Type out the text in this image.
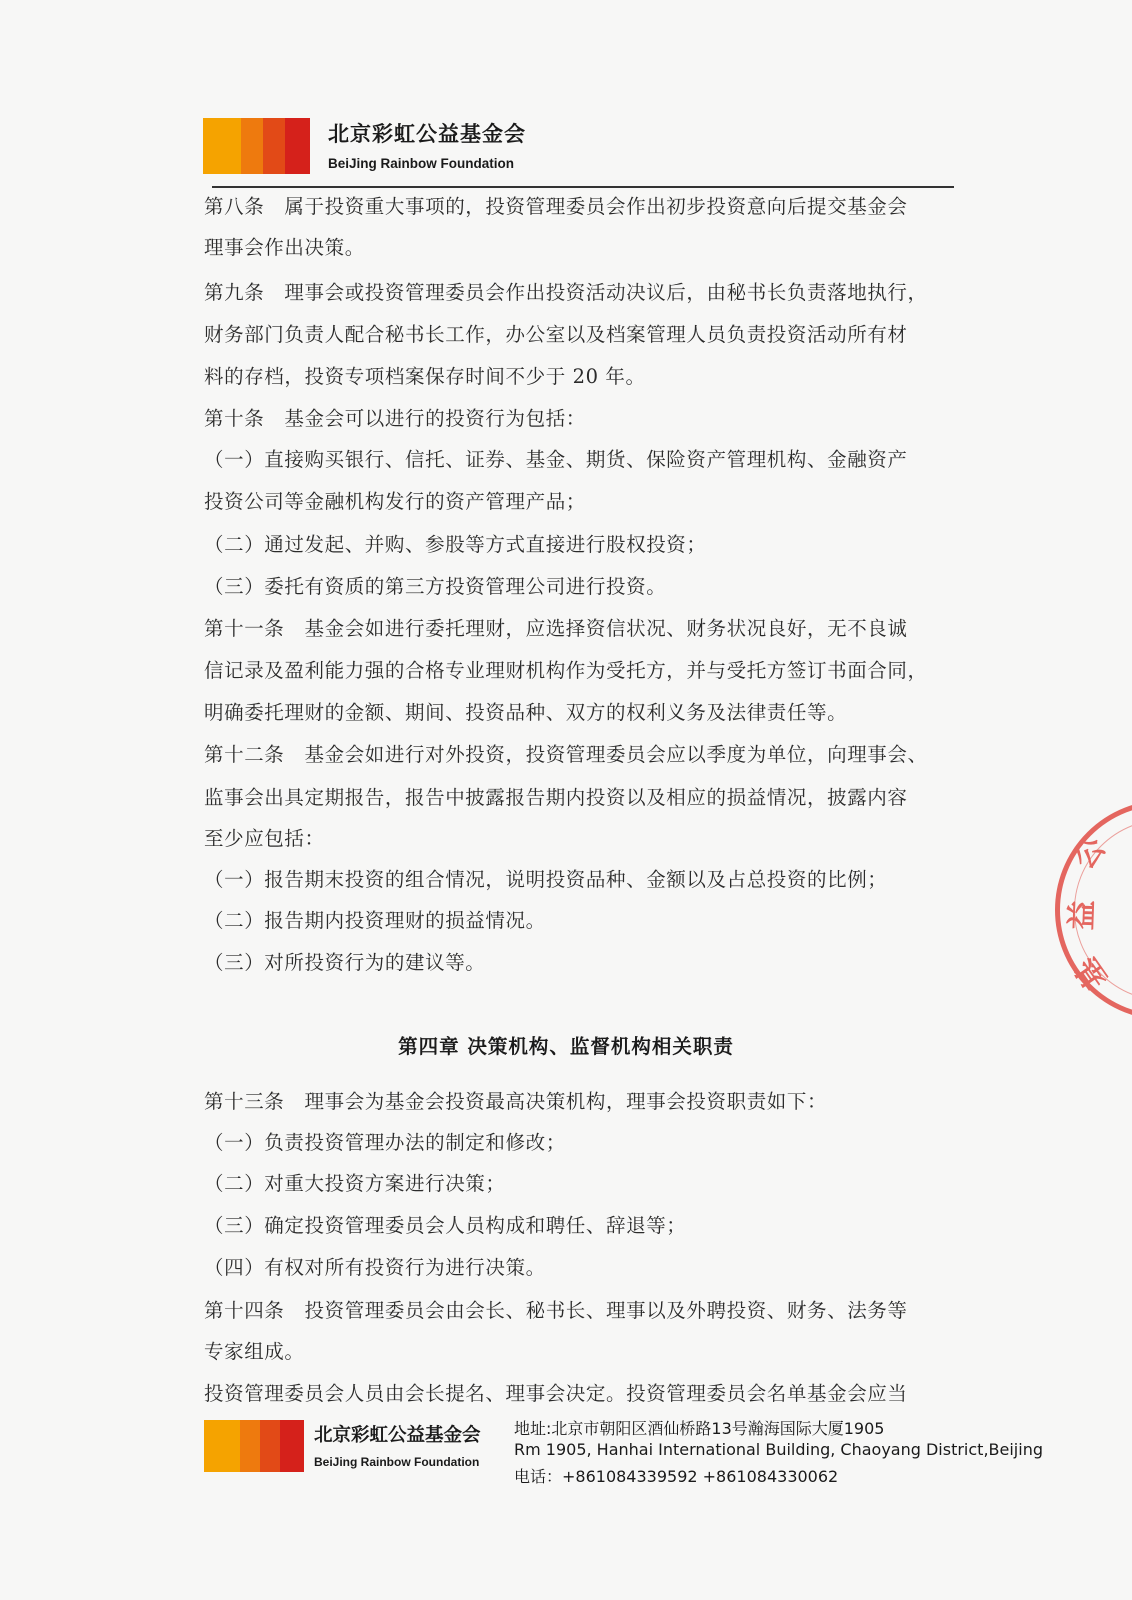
北京彩虹公益基金会
BeiJing Rainbow Foundation
第八条　属于投资重大事项的，投资管理委员会作出初步投资意向后提交基金会
理事会作出决策。
第九条　理事会或投资管理委员会作出投资活动决议后，由秘书长负责落地执行，
财务部门负责人配合秘书长工作，办公室以及档案管理人员负责投资活动所有材
料的存档，投资专项档案保存时间不少于 20 年。
第十条　基金会可以进行的投资行为包括：
（一）直接购买银行、信托、证券、基金、期货、保险资产管理机构、金融资产
投资公司等金融机构发行的资产管理产品；
（二）通过发起、并购、参股等方式直接进行股权投资；
（三）委托有资质的第三方投资管理公司进行投资。
第十一条　基金会如进行委托理财，应选择资信状况、财务状况良好，无不良诚
信记录及盈利能力强的合格专业理财机构作为受托方，并与受托方签订书面合同，
明确委托理财的金额、期间、投资品种、双方的权利义务及法律责任等。
第十二条　基金会如进行对外投资，投资管理委员会应以季度为单位，向理事会、
监事会出具定期报告，报告中披露报告期内投资以及相应的损益情况，披露内容
至少应包括：
（一）报告期末投资的组合情况，说明投资品种、金额以及占总投资的比例；
（二）报告期内投资理财的损益情况。
（三）对所投资行为的建议等。
第四章 决策机构、监督机构相关职责
第十三条　理事会为基金会投资最高决策机构，理事会投资职责如下：
（一）负责投资管理办法的制定和修改；
（二）对重大投资方案进行决策；
（三）确定投资管理委员会人员构成和聘任、辞退等；
（四）有权对所有投资行为进行决策。
第十四条　投资管理委员会由会长、秘书长、理事以及外聘投资、财务、法务等
专家组成。
投资管理委员会人员由会长提名、理事会决定。投资管理委员会名单基金会应当
公
益
基
北京彩虹公益基金会
BeiJing Rainbow Foundation
地址:北京市朝阳区酒仙桥路13号瀚海国际大厦1905
Rm 1905, Hanhai International Building, Chaoyang District,Beijing
电话：+861084339592 +861084330062
